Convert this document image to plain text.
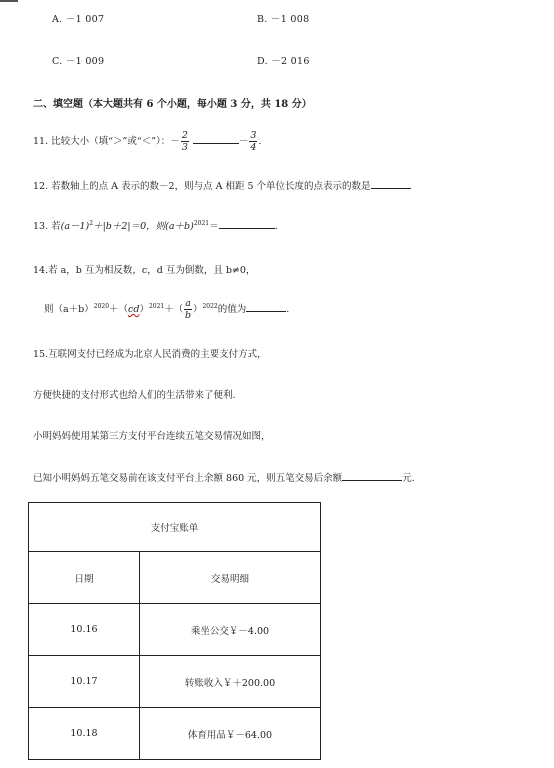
A. －1 007	B. －1 008
C. －1 009	D. －2 016
二、填空题（本大题共有 6 个小题，每小题 3 分，共 18 分）
11. 比较大小（填“＞”或“＜”）：－ $\frac{2}{3}$	－ $\frac{3}{4}$ .
12. 若数轴上的点 A 表示的数－2，则与点 A 相距 5 个单位长度的点表示的数是
13. 若$(a-1)^2+|b+2|=0$，则$(a+b)^{2021}=$	.
14.若 a，b 互为相反数，c，d 互为倒数，且 b≠0，
则$(a+b)^{2020}+(cd)^{2021}+( \frac{a}{b} )^{2022}$的值为	.
15.互联网支付已经成为北京人民消费的主要支付方式，
方便快捷的支付形式也给人们的生活带来了便利.
小明妈妈使用某第三方支付平台连续五笔交易情况如图，
已知小明妈妈五笔交易前在该支付平台上余额 860 元，则五笔交易后余额	元.
支付宝账单	
日期	交易明细
10.16	乘坐公交￥－4.00
10.17	转账收入￥＋200.00
10.18	体育用品￥－64.00
